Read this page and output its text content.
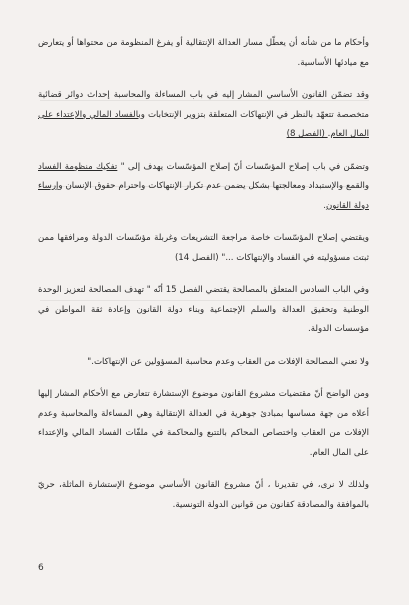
وأحكام ما من شأنه أن يعطّل مسار العدالة الإنتقالية أو يفرغ المنظومة من محتواها أو يتعارض مع ميادئها الأساسية.

وقد تضمّن القانون الأساسي المشار إليه في باب المساءلة والمحاسبة إحداث دوائر قضائية متخصصة تتعهّد بالنظر في الإنتهاكات المتعلقة بتزوير الإنتخابات وبالفساد المالي والإعتداء على المال العام. (الفصل 8)

وتضمّن في باب إصلاح المؤسّسات أنّ إصلاح المؤسّسات يهدف إلى " تفكيك منظومة الفساد والقمع والإستبداد ومعالجتها بشكل يضمن عدم تكرار الإنتهاكات واحترام حقوق الإنسان وإرساء دولة القانون.

ويقتضي إصلاح المؤسّسات خاصة مراجعة التشريعات وغربلة مؤسّسات الدولة ومرافقها ممن ثبتت مسؤوليته في الفساد والإنتهاكات ..." (الفصل 14)

وفي الباب السادس المتعلق بالمصالحة يقتضي الفصل 15 أنّه " تهدف المصالحة لتعزيز الوحدة الوطنية وتحقيق العدالة والسلم الإجتماعية وبناء دولة القانون وإعادة ثقة المواطن في مؤسسات الدولة.

ولا تعني المصالحة الإفلات من العقاب وعدم محاسبة المسؤولين عن الإنتهاكات."

ومن الواضح أنّ مقتضيات مشروع القانون موضوع الإستشارة تتعارض مع الأحكام المشار إليها أعلاه من جهة مساسها بمبادئ جوهرية في العدالة الإنتقالية وهي المساءلة والمحاسبة وعدم الإفلات من العقاب واختصاص المحاكم بالتتبع والمحاكمة في ملفّات الفساد المالي والإعتداء على المال العام.

ولذلك لا نرى، في تقديرنا ، أنّ مشروع القانون الأساسي موضوع الإستشارة الماثلة، حريّ بالموافقة والمصادقة كقانون من قوانين الدولة التونسية.

6
